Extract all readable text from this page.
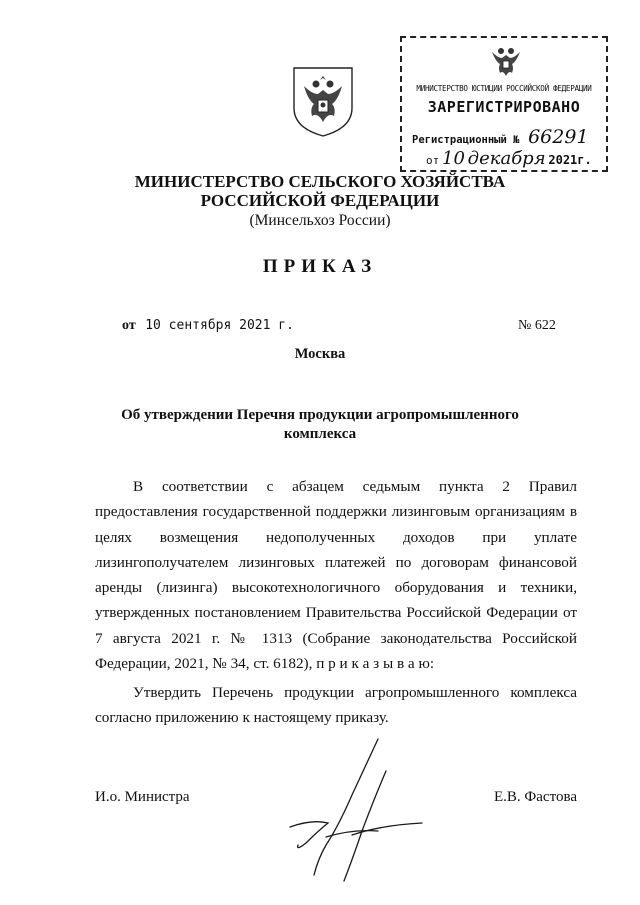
МИНИСТЕРСТВО ЮСТИЦИИ РОССИЙСКОЙ ФЕДЕРАЦИИ
ЗАРЕГИСТРИРОВАНО
Регистрационный № 66291
от 10 декабря 2021г.
МИНИСТЕРСТВО СЕЛЬСКОГО ХОЗЯЙСТВА
РОССИЙСКОЙ ФЕДЕРАЦИИ
(Минсельхоз России)
ПРИКАЗ
от 10 сентября 2021 г.	№ 622
Москва
Об утверждении Перечня продукции агропромышленного комплекса
В соответствии с абзацем седьмым пункта 2 Правил предоставления государственной поддержки лизинговым организациям в целях возмещения недополученных доходов при уплате лизингополучателем лизинговых платежей по договорам финансовой аренды (лизинга) высокотехнологичного оборудования и техники, утвержденных постановлением Правительства Российской Федерации от 7 августа 2021 г. № 1313 (Собрание законодательства Российской Федерации, 2021, № 34, ст. 6182), п р и к а з ы в а ю:
Утвердить Перечень продукции агропромышленного комплекса согласно приложению к настоящему приказу.
И.о. Министра	Е.В. Фастова
